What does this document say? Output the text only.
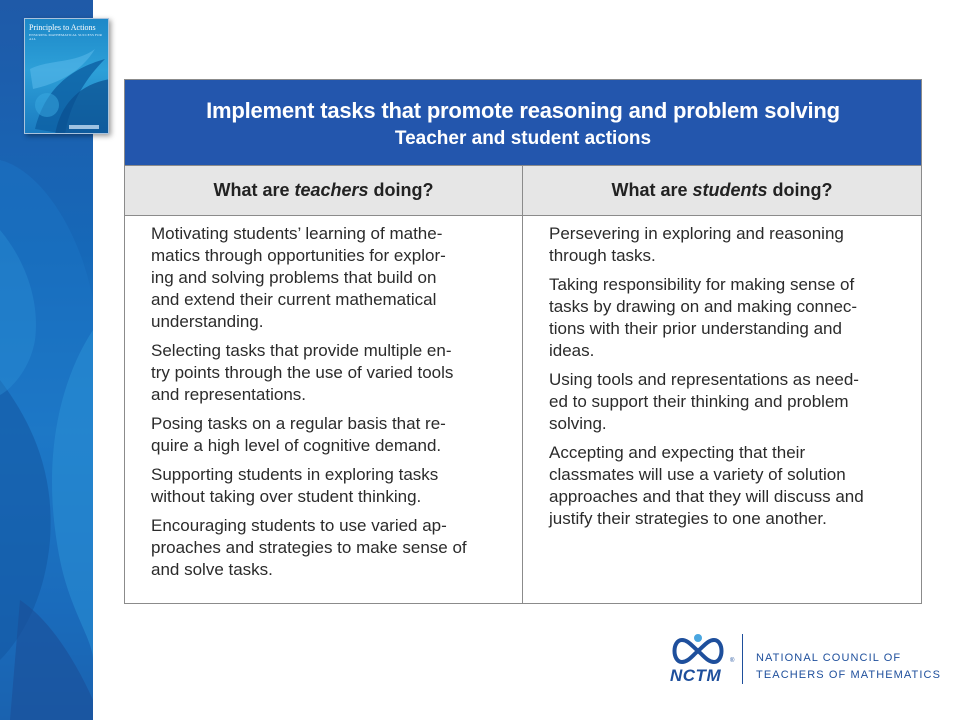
Principles to Actions
ENSURING MATHEMATICAL SUCCESS FOR ALL
Implement tasks that promote reasoning and problem solving
Teacher and student actions
What are teachers doing?	What are students doing?
Motivating students’ learning of mathe-
matics through opportunities for explor-
ing and solving problems that build on
and extend their current mathematical
understanding.
Selecting tasks that provide multiple en-
try points through the use of varied tools
and representations.
Posing tasks on a regular basis that re-
quire a high level of cognitive demand.
Supporting students in exploring tasks
without taking over student thinking.
Encouraging students to use varied ap-
proaches and strategies to make sense of
and solve tasks.
Persevering in exploring and reasoning
through tasks.
Taking responsibility for making sense of
tasks by drawing on and making connec-
tions with their prior understanding and
ideas.
Using tools and representations as need-
ed to support their thinking and problem
solving.
Accepting and expecting that their
classmates will use a variety of solution
approaches and that they will discuss and
justify their strategies to one another.
NCTM
® NATIONAL COUNCIL OF
TEACHERS OF MATHEMATICS
